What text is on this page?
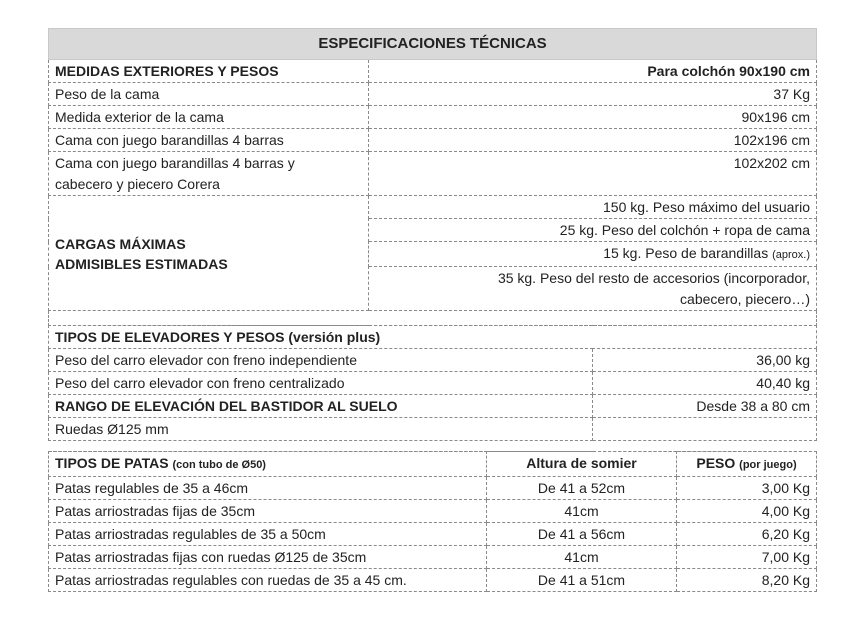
ESPECIFICACIONES TÉCNICAS	
MEDIDAS EXTERIORES Y PESOS	Para colchón 90x190 cm
Peso de la cama	37 Kg
Medida exterior de la cama	90x196 cm
Cama con juego barandillas 4 barras	102x196 cm

Cama con juego barandillas 4 barras y
cabecero y piecero Corera	102x202 cm

CARGAS MÁXIMAS
ADMISIBLES ESTIMADAS	150 kg. Peso máximo del usuario
	25 kg. Peso del colchón + ropa de cama
	15 kg. Peso de barandillas (aprox.)

	35 kg. Peso del resto de accesorios (incorporador,
cabecero, piecero…)

TIPOS DE ELEVADORES Y PESOS (versión plus)	
Peso del carro elevador con freno independiente	36,00 kg
Peso del carro elevador con freno centralizado	40,40 kg
RANGO DE ELEVACIÓN DEL BASTIDOR AL SUELO	Desde 38 a 80 cm
Ruedas Ø125 mm	

TIPOS DE PATAS (con tubo de Ø50)	Altura de somier	PESO (por juego)
Patas regulables de 35 a 46cm	De 41 a 52cm	3,00 Kg
Patas arriostradas fijas de 35cm	41cm	4,00 Kg
Patas arriostradas regulables de 35 a 50cm	De 41 a 56cm	6,20 Kg
Patas arriostradas fijas con ruedas Ø125 de 35cm	41cm	7,00 Kg
Patas arriostradas regulables con ruedas de 35 a 45 cm.	De 41 a 51cm	8,20 Kg
